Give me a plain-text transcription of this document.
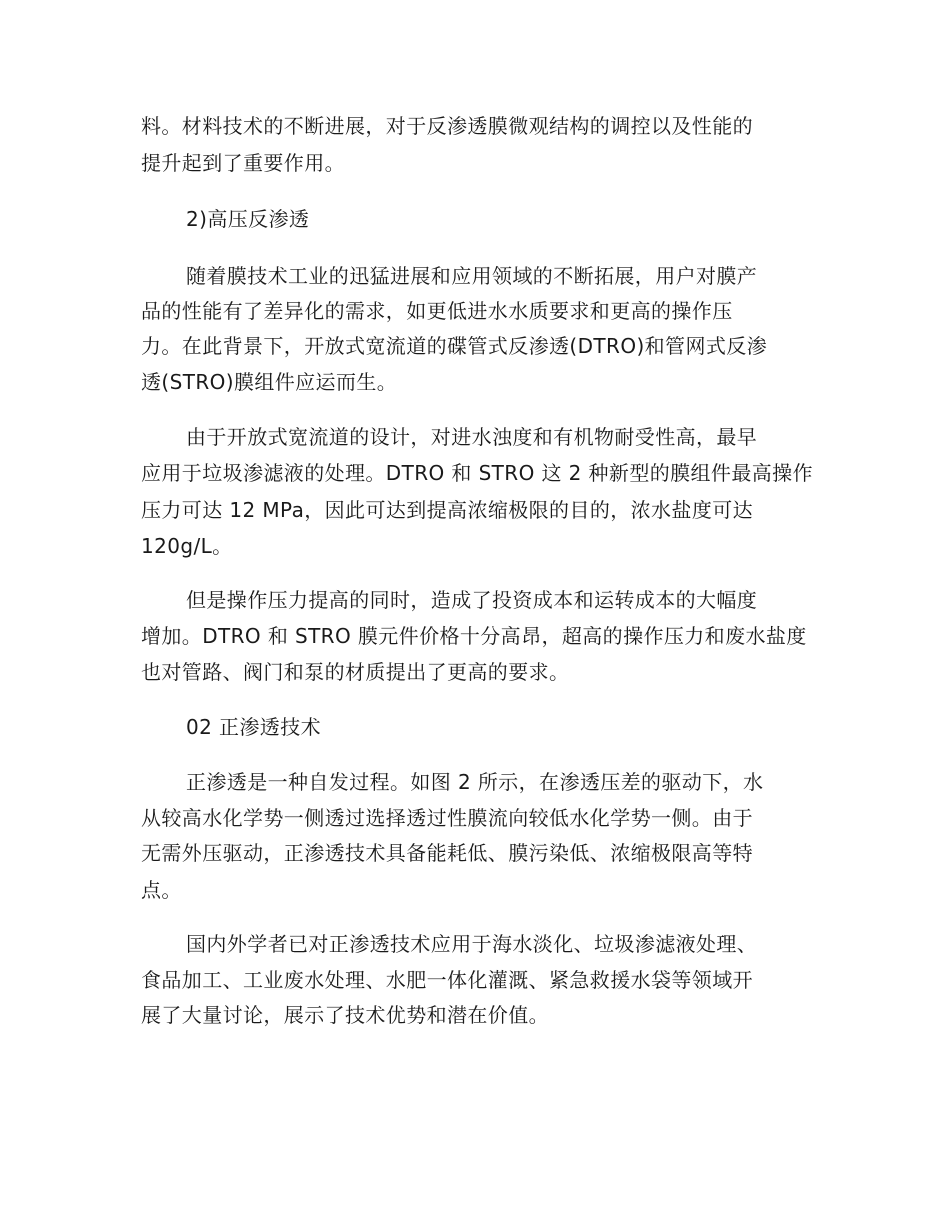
料。材料技术的不断进展，对于反渗透膜微观结构的调控以及性能的
提升起到了重要作用。
2)高压反渗透
随着膜技术工业的迅猛进展和应用领域的不断拓展，用户对膜产
品的性能有了差异化的需求，如更低进水水质要求和更高的操作压
力。在此背景下，开放式宽流道的碟管式反渗透(DTRO)和管网式反渗
透(STRO)膜组件应运而生。
由于开放式宽流道的设计，对进水浊度和有机物耐受性高，最早
应用于垃圾渗滤液的处理。DTRO 和 STRO 这 2 种新型的膜组件最高操作
压力可达 12 MPa，因此可达到提高浓缩极限的目的，浓水盐度可达
120g/L。
但是操作压力提高的同时，造成了投资成本和运转成本的大幅度
增加。DTRO 和 STRO 膜元件价格十分高昂，超高的操作压力和废水盐度
也对管路、阀门和泵的材质提出了更高的要求。
02 正渗透技术
正渗透是一种自发过程。如图 2 所示，在渗透压差的驱动下，水
从较高水化学势一侧透过选择透过性膜流向较低水化学势一侧。由于
无需外压驱动，正渗透技术具备能耗低、膜污染低、浓缩极限高等特
点。
国内外学者已对正渗透技术应用于海水淡化、垃圾渗滤液处理、
食品加工、工业废水处理、水肥一体化灌溉、紧急救援水袋等领域开
展了大量讨论，展示了技术优势和潜在价值。
